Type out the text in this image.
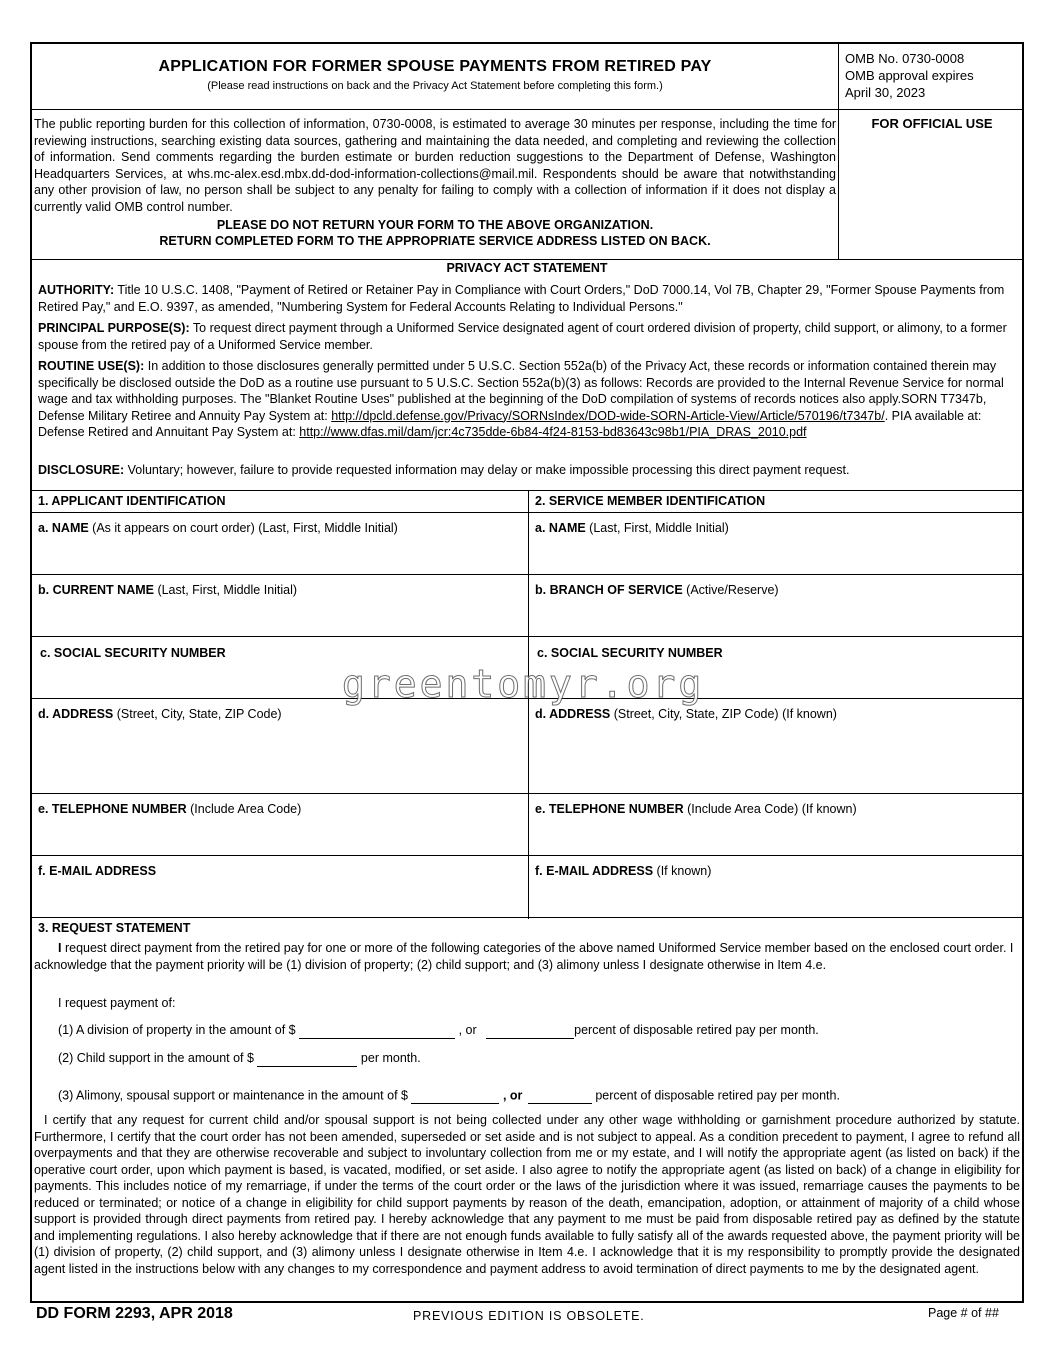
APPLICATION FOR FORMER SPOUSE PAYMENTS FROM RETIRED PAY
(Please read instructions on back and the Privacy Act Statement before completing this form.)
OMB No. 0730-0008
OMB approval expires
April 30, 2023
The public reporting burden for this collection of information, 0730-0008, is estimated to average 30 minutes per response, including the time for reviewing instructions, searching existing data sources, gathering and maintaining the data needed, and completing and reviewing the collection of information. Send comments regarding the burden estimate or burden reduction suggestions to the Department of Defense, Washington Headquarters Services, at whs.mc-alex.esd.mbx.dd-dod-information-collections@mail.mil. Respondents should be aware that notwithstanding any other provision of law, no person shall be subject to any penalty for failing to comply with a collection of information if it does not display a currently valid OMB control number.
PLEASE DO NOT RETURN YOUR FORM TO THE ABOVE ORGANIZATION.
RETURN COMPLETED FORM TO THE APPROPRIATE SERVICE ADDRESS LISTED ON BACK.
FOR OFFICIAL USE
PRIVACY ACT STATEMENT
AUTHORITY: Title 10 U.S.C. 1408, "Payment of Retired or Retainer Pay in Compliance with Court Orders," DoD 7000.14, Vol 7B, Chapter 29, "Former Spouse Payments from Retired Pay," and E.O. 9397, as amended, "Numbering System for Federal Accounts Relating to Individual Persons."
PRINCIPAL PURPOSE(S): To request direct payment through a Uniformed Service designated agent of court ordered division of property, child support, or alimony, to a former spouse from the retired pay of a Uniformed Service member.
ROUTINE USE(S): In addition to those disclosures generally permitted under 5 U.S.C. Section 552a(b) of the Privacy Act, these records or information contained therein may specifically be disclosed outside the DoD as a routine use pursuant to 5 U.S.C. Section 552a(b)(3) as follows: Records are provided to the Internal Revenue Service for normal wage and tax withholding purposes. The "Blanket Routine Uses" published at the beginning of the DoD compilation of systems of records notices also apply.SORN T7347b, Defense Military Retiree and Annuity Pay System at: http://dpcld.defense.gov/Privacy/SORNsIndex/DOD-wide-SORN-Article-View/Article/570196/t7347b/. PIA available at: Defense Retired and Annuitant Pay System at: http://www.dfas.mil/dam/jcr:4c735dde-6b84-4f24-8153-bd83643c98b1/PIA_DRAS_2010.pdf
DISCLOSURE: Voluntary; however, failure to provide requested information may delay or make impossible processing this direct payment request.
1. APPLICANT IDENTIFICATION	2. SERVICE MEMBER IDENTIFICATION
a. NAME (As it appears on court order) (Last, First, Middle Initial)	a. NAME (Last, First, Middle Initial)
b. CURRENT NAME (Last, First, Middle Initial)	b. BRANCH OF SERVICE (Active/Reserve)
c. SOCIAL SECURITY NUMBER	c. SOCIAL SECURITY NUMBER
d. ADDRESS (Street, City, State, ZIP Code)	d. ADDRESS (Street, City, State, ZIP Code) (If known)
e. TELEPHONE NUMBER (Include Area Code)	e. TELEPHONE NUMBER (Include Area Code) (If known)
f. E-MAIL ADDRESS	f. E-MAIL ADDRESS (If known)
3. REQUEST STATEMENT
I request direct payment from the retired pay for one or more of the following categories of the above named Uniformed Service member based on the enclosed court order. I acknowledge that the payment priority will be (1) division of property; (2) child support; and (3) alimony unless I designate otherwise in Item 4.e.
I request payment of:
(1) A division of property in the amount of $	, or	percent of disposable retired pay per month.
(2) Child support in the amount of $	per month.
(3) Alimony, spousal support or maintenance in the amount of $	, or	percent of disposable retired pay per month.
I certify that any request for current child and/or spousal support is not being collected under any other wage withholding or garnishment procedure authorized by statute. Furthermore, I certify that the court order has not been amended, superseded or set aside and is not subject to appeal. As a condition precedent to payment, I agree to refund all overpayments and that they are otherwise recoverable and subject to involuntary collection from me or my estate, and I will notify the appropriate agent (as listed on back) if the operative court order, upon which payment is based, is vacated, modified, or set aside. I also agree to notify the appropriate agent (as listed on back) of a change in eligibility for payments. This includes notice of my remarriage, if under the terms of the court order or the laws of the jurisdiction where it was issued, remarriage causes the payments to be reduced or terminated; or notice of a change in eligibility for child support payments by reason of the death, emancipation, adoption, or attainment of majority of a child whose support is provided through direct payments from retired pay. I hereby acknowledge that any payment to me must be paid from disposable retired pay as defined by the statute and implementing regulations. I also hereby acknowledge that if there are not enough funds available to fully satisfy all of the awards requested above, the payment priority will be (1) division of property, (2) child support, and (3) alimony unless I designate otherwise in Item 4.e. I acknowledge that it is my responsibility to promptly provide the designated agent listed in the instructions below with any changes to my correspondence and payment address to avoid termination of direct payments to me by the designated agent.
greentomyr.org
DD FORM 2293, APR 2018	PREVIOUS EDITION IS OBSOLETE.	Page # of ##
